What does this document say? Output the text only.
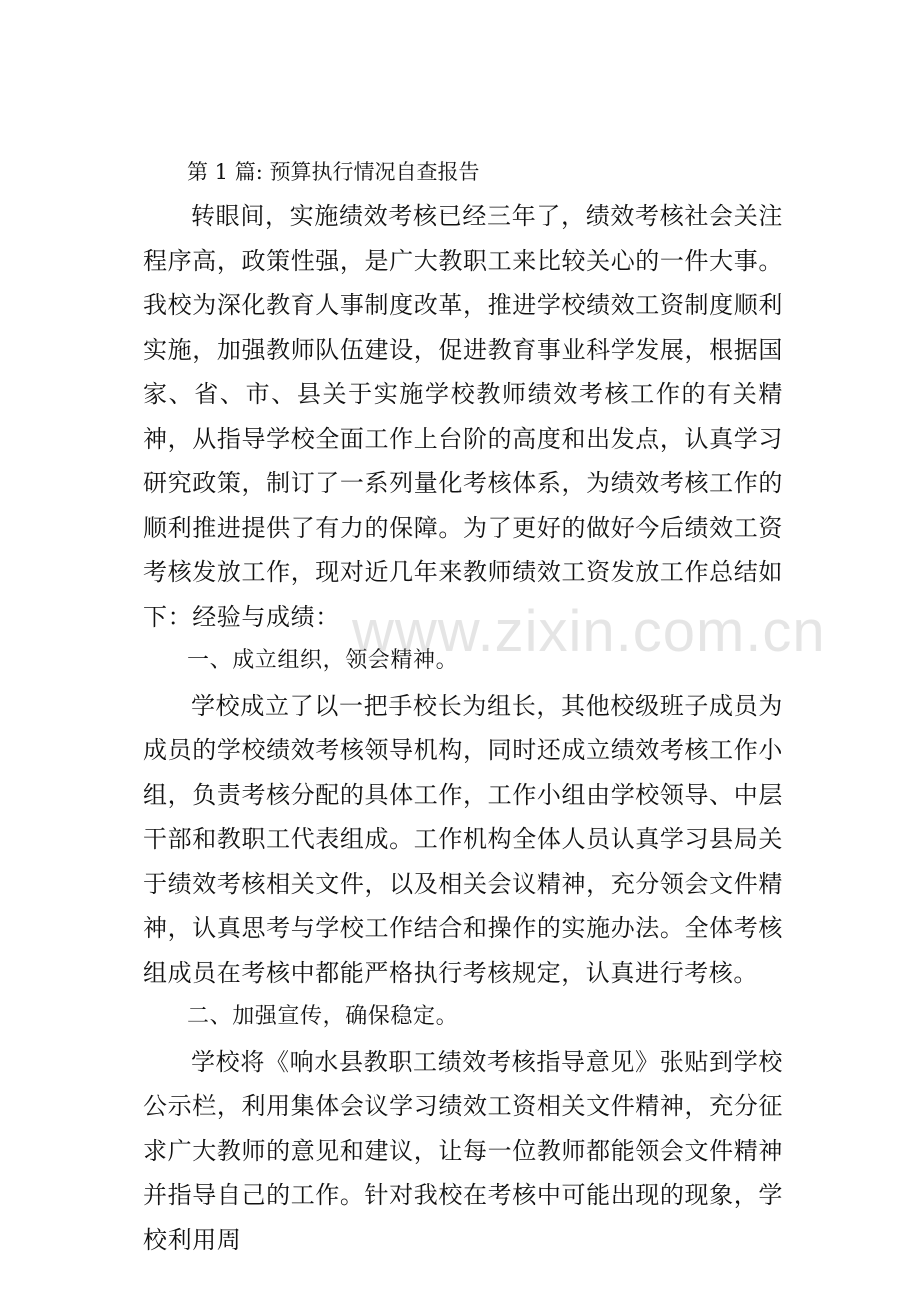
第 1 篇: 预算执行情况自查报告

转眼间，实施绩效考核已经三年了，绩效考核社会关注程序高，政策性强，是广大教职工来比较关心的一件大事。我校为深化教育人事制度改革，推进学校绩效工资制度顺利实施，加强教师队伍建设，促进教育事业科学发展，根据国家、省、市、县关于实施学校教师绩效考核工作的有关精神，从指导学校全面工作上台阶的高度和出发点，认真学习研究政策，制订了一系列量化考核体系，为绩效考核工作的顺利推进提供了有力的保障。为了更好的做好今后绩效工资考核发放工作，现对近几年来教师绩效工资发放工作总结如下：经验与成绩：

一、成立组织，领会精神。

学校成立了以一把手校长为组长，其他校级班子成员为成员的学校绩效考核领导机构，同时还成立绩效考核工作小组，负责考核分配的具体工作，工作小组由学校领导、中层干部和教职工代表组成。工作机构全体人员认真学习县局关于绩效考核相关文件，以及相关会议精神，充分领会文件精神，认真思考与学校工作结合和操作的实施办法。全体考核组成员在考核中都能严格执行考核规定，认真进行考核。

二、加强宣传，确保稳定。

学校将《响水县教职工绩效考核指导意见》张贴到学校公示栏，利用集体会议学习绩效工资相关文件精神，充分征求广大教师的意见和建议，让每一位教师都能领会文件精神并指导自己的工作。针对我校在考核中可能出现的现象，学校利用周

www.zixin.com.cn
